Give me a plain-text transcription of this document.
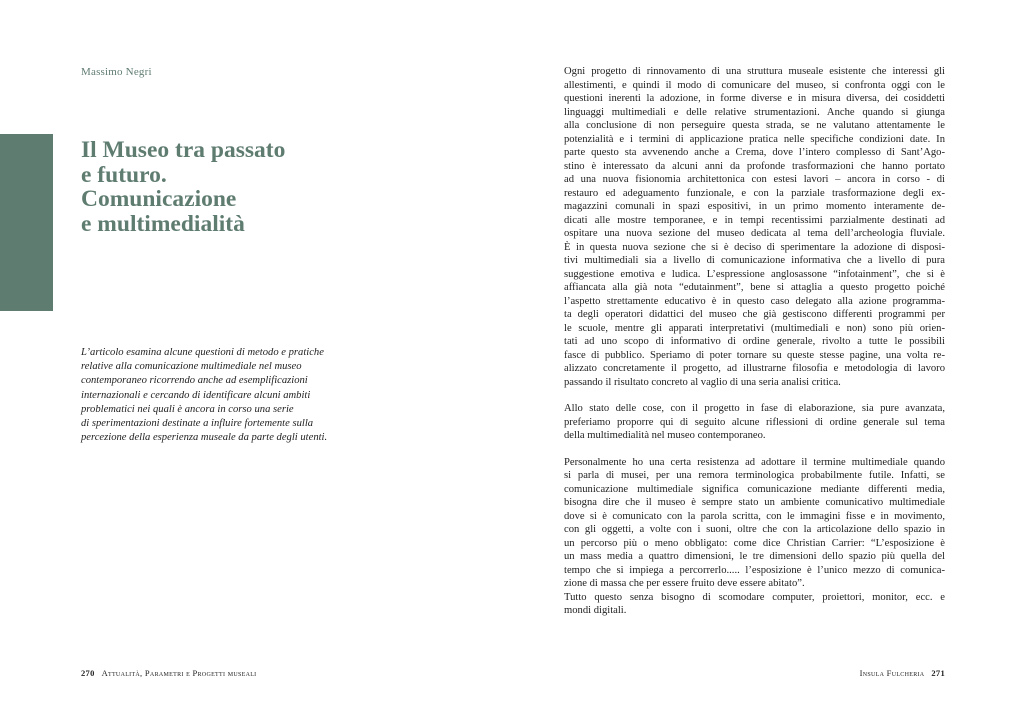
Massimo Negri
Il Museo tra passato
e futuro.
Comunicazione
e multimedialità
L’articolo esamina alcune questioni di metodo e pratiche
relative alla comunicazione multimediale nel museo
contemporaneo ricorrendo anche ad esemplificazioni
internazionali e cercando di identificare alcuni ambiti
problematici nei quali è ancora in corso una serie
di sperimentazioni destinate a influire fortemente sulla
percezione della esperienza museale da parte degli utenti.

Ogni progetto di rinnovamento di una struttura museale esistente che interessi gli
allestimenti, e quindi il modo di comunicare del museo, si confronta oggi con le
questioni inerenti la adozione, in forme diverse e in misura diversa, dei cosiddetti
linguaggi multimediali e delle relative strumentazioni. Anche quando si giunga
alla conclusione di non perseguire questa strada, se ne valutano attentamente le
potenzialità e i termini di applicazione pratica nelle specifiche condizioni date. In
parte questo sta avvenendo anche a Crema, dove l’intero complesso di Sant’Ago-
stino è interessato da alcuni anni da profonde trasformazioni che hanno portato
ad una nuova fisionomia architettonica con estesi lavori – ancora in corso - di
restauro ed adeguamento funzionale, e con la parziale trasformazione degli ex-
magazzini comunali in spazi espositivi, in un primo momento interamente de-
dicati alle mostre temporanee, e in tempi recentissimi parzialmente destinati ad
ospitare una nuova sezione del museo dedicata al tema dell’archeologia fluviale.
È in questa nuova sezione che si è deciso di sperimentare la adozione di disposi-
tivi multimediali sia a livello di comunicazione informativa che a livello di pura
suggestione emotiva e ludica. L’espressione anglosassone “infotainment”, che si è
affiancata alla già nota “edutainment”, bene si attaglia a questo progetto poiché
l’aspetto strettamente educativo è in questo caso delegato alla azione programma-
ta degli operatori didattici del museo che già gestiscono differenti programmi per
le scuole, mentre gli apparati interpretativi (multimediali e non) sono più orien-
tati ad uno scopo di informativo di ordine generale, rivolto a tutte le possibili
fasce di pubblico. Speriamo di poter tornare su queste stesse pagine, una volta re-
alizzato concretamente il progetto, ad illustrarne filosofia e metodologia di lavoro
passando il risultato concreto al vaglio di una seria analisi critica.

Allo stato delle cose, con il progetto in fase di elaborazione, sia pure avanzata,
preferiamo proporre qui di seguito alcune riflessioni di ordine generale sul tema
della multimedialità nel museo contemporaneo.

Personalmente ho una certa resistenza ad adottare il termine multimediale quando
si parla di musei, per una remora terminologica probabilmente futile. Infatti, se
comunicazione multimediale significa comunicazione mediante differenti media,
bisogna dire che il museo è sempre stato un ambiente comunicativo multimediale
dove si è comunicato con la parola scritta, con le immagini fisse e in movimento,
con gli oggetti, a volte con i suoni, oltre che con la articolazione dello spazio in
un percorso più o meno obbligato: come dice Christian Carrier: “L’esposizione è
un mass media a quattro dimensioni, le tre dimensioni dello spazio più quella del
tempo che si impiega a percorrerlo..... l’esposizione è l’unico mezzo di comunica-
zione di massa che per essere fruito deve essere abitato”.

Tutto questo senza bisogno di scomodare computer, proiettori, monitor, ecc. e
mondi digitali.

270 Attualità, Parametri e Progetti museali	Insula Fulcheria 271
